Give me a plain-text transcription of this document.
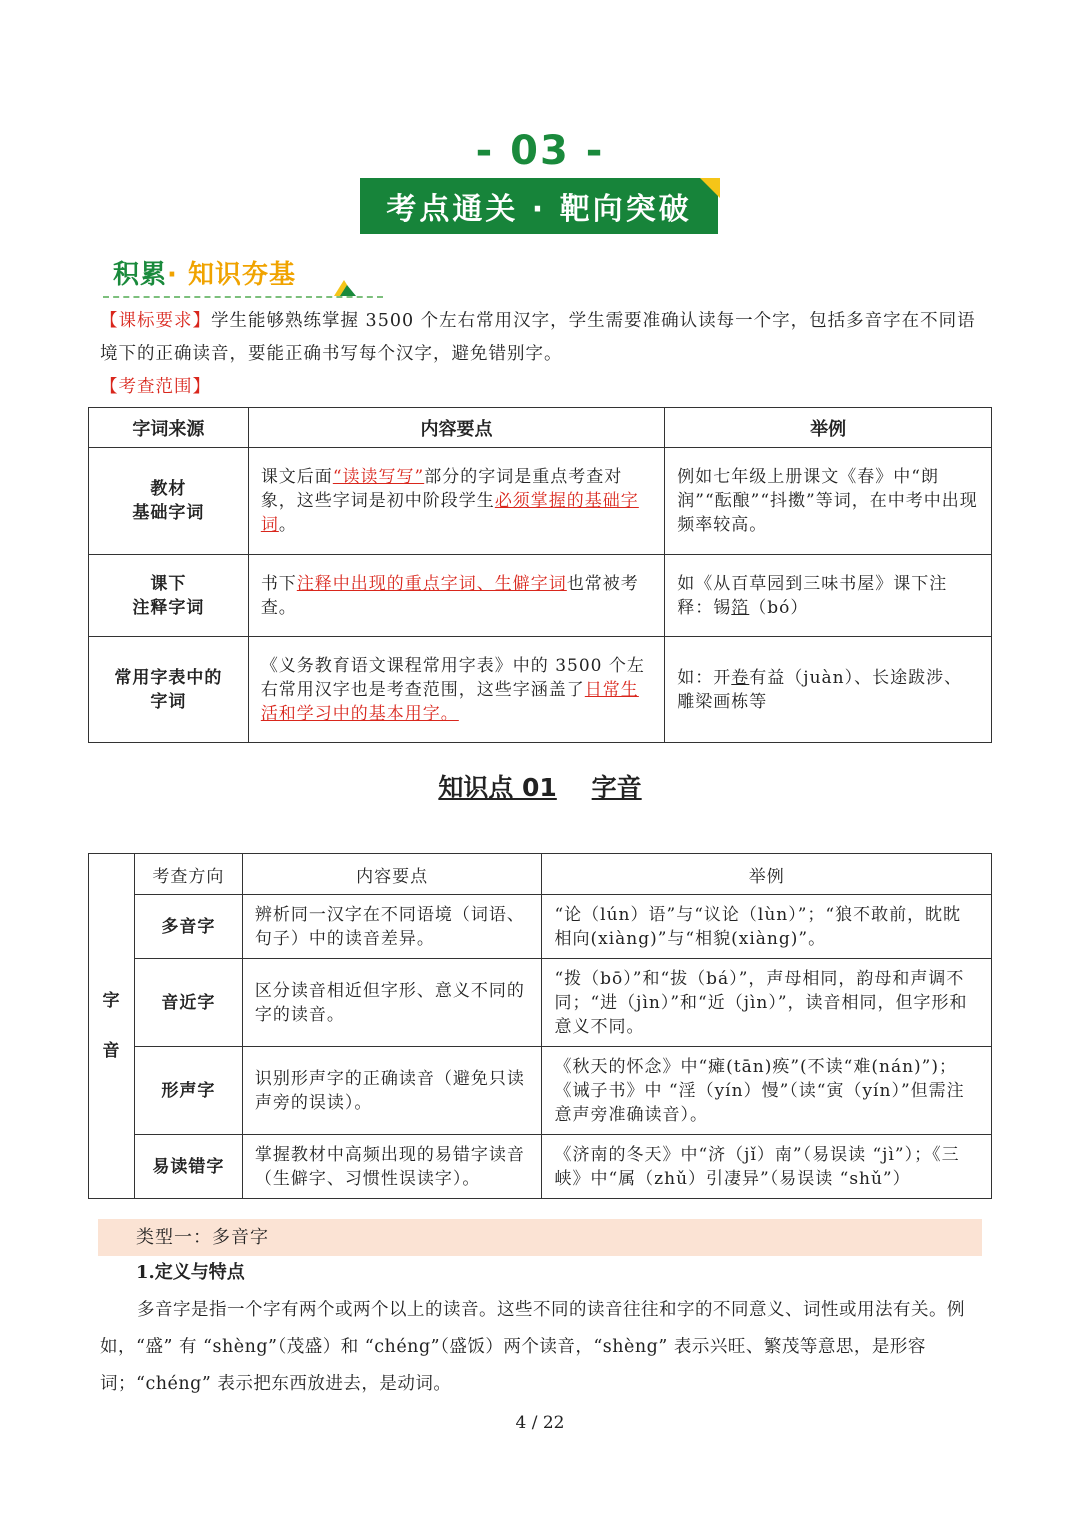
- 03 -
考点通关 · 靶向突破
积累· 知识夯基
【课标要求】学生能够熟练掌握 3500 个左右常用汉字，学生需要准确认读每一个字，包括多音字在不同语境下的正确读音，要能正确书写每个汉字，避免错别字。
【考查范围】
字词来源	内容要点	举例
教材
基础字词	课文后面“读读写写”部分的字词是重点考查对象，这些字词是初中阶段学生必须掌握的基础字词。	例如七年级上册课文《春》中“朗润”“酝酿”“抖擞”等词，在中考中出现频率较高。
课下
注释字词	书下注释中出现的重点字词、生僻字词也常被考查。	如《从百草园到三味书屋》课下注释：锡箔（bó）
常用字表中的
字词	《义务教育语文课程常用字表》中的 3500 个左右常用汉字也是考查范围，这些字涵盖了日常生活和学习中的基本用字。	如：开卷有益（juàn）、长途跋涉、雕梁画栋等
知识点 01 字音
字
音	考查方向	内容要点	举例
	多音字	辨析同一汉字在不同语境（词语、句子）中的读音差异。	“论（lún）语”与“议论（lùn）”；“狼不敢前，眈眈相向(xiàng)”与“相貌(xiàng)”。
	音近字	区分读音相近但字形、意义不同的字的读音。	“拨（bō）”和“拔（bá）”，声母相同，韵母和声调不同；“进（jìn）”和“近（jìn）”，读音相同，但字形和意义不同。
	形声字	识别形声字的正确读音（避免只读声旁的误读）。	《秋天的怀念》中“瘫(tān)痪”(不读“难(nán)”)；《诫子书》中 “淫（yín）慢”（读“寅（yín）”但需注意声旁准确读音）。
	易读错字	掌握教材中高频出现的易错字读音（生僻字、习惯性误读字）。	《济南的冬天》中“济（jǐ）南”（易误读 “jì”）；《三峡》中“属（zhǔ）引凄异”（易误读 “shǔ”）
类型一：多音字
1.定义与特点
多音字是指一个字有两个或两个以上的读音。这些不同的读音往往和字的不同意义、词性或用法有关。例如，“盛” 有 “shèng”（茂盛）和 “chéng”（盛饭）两个读音，“shèng” 表示兴旺、繁茂等意思，是形容词；“chéng” 表示把东西放进去，是动词。
4 / 22
